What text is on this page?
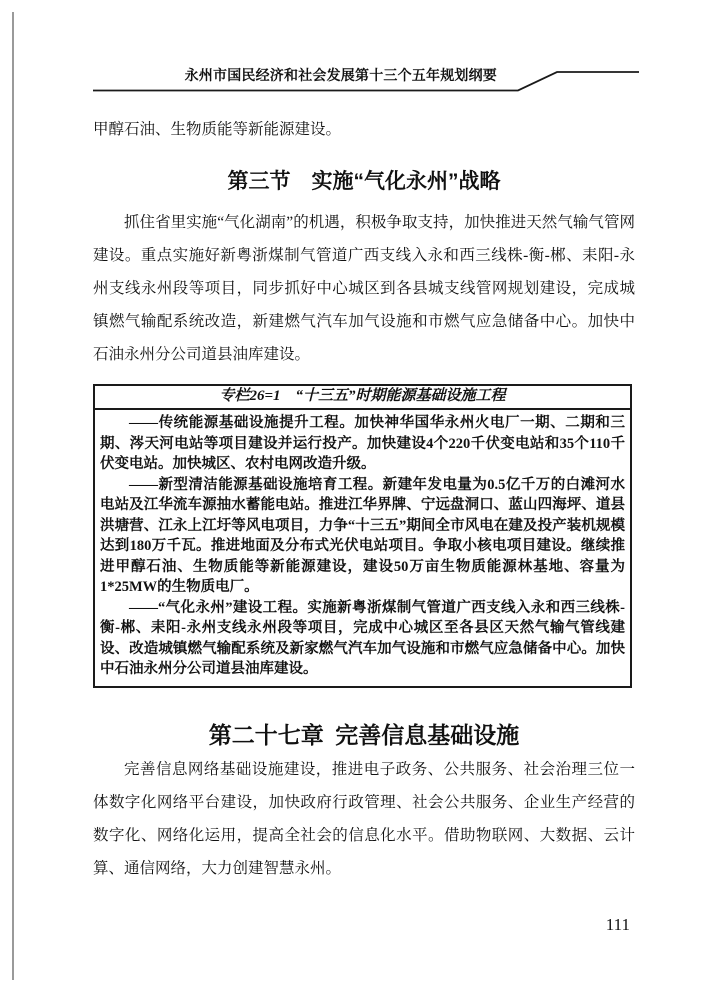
永州市国民经济和社会发展第十三个五年规划纲要
甲醇石油、生物质能等新能源建设。
第三节　实施“气化永州”战略
抓住省里实施“气化湖南”的机遇，积极争取支持，加快推进天然气输气管网建设。重点实施好新粤浙煤制气管道广西支线入永和西三线株-衡-郴、耒阳-永州支线永州段等项目，同步抓好中心城区到各县城支线管网规划建设，完成城镇燃气输配系统改造，新建燃气汽车加气设施和市燃气应急储备中心。加快中石油永州分公司道县油库建设。
专栏26=1　“十三五”时期能源基础设施工程

——传统能源基础设施提升工程。加快神华国华永州火电厂一期、二期和三期、涔天河电站等项目建设并运行投产。加快建设4个220千伏变电站和35个110千伏变电站。加快城区、农村电网改造升级。

——新型清洁能源基础设施培育工程。新建年发电量为0.5亿千万的白滩河水电站及江华流车源抽水蓄能电站。推进江华界牌、宁远盘洞口、蓝山四海坪、道县洪塘营、江永上江圩等风电项目，力争“十三五”期间全市风电在建及投产装机规模达到180万千瓦。推进地面及分布式光伏电站项目。争取小核电项目建设。继续推进甲醇石油、生物质能等新能源建设，建设50万亩生物质能源林基地、容量为1*25MW的生物质电厂。

——“气化永州”建设工程。实施新粤浙煤制气管道广西支线入永和西三线株-衡-郴、耒阳-永州支线永州段等项目，完成中心城区至各县区天然气输气管线建设、改造城镇燃气输配系统及新家燃气汽车加气设施和市燃气应急储备中心。加快中石油永州分公司道县油库建设。

第二十七章 完善信息基础设施
完善信息网络基础设施建设，推进电子政务、公共服务、社会治理三位一体数字化网络平台建设，加快政府行政管理、社会公共服务、企业生产经营的数字化、网络化运用，提高全社会的信息化水平。借助物联网、大数据、云计算、通信网络，大力创建智慧永州。
111
